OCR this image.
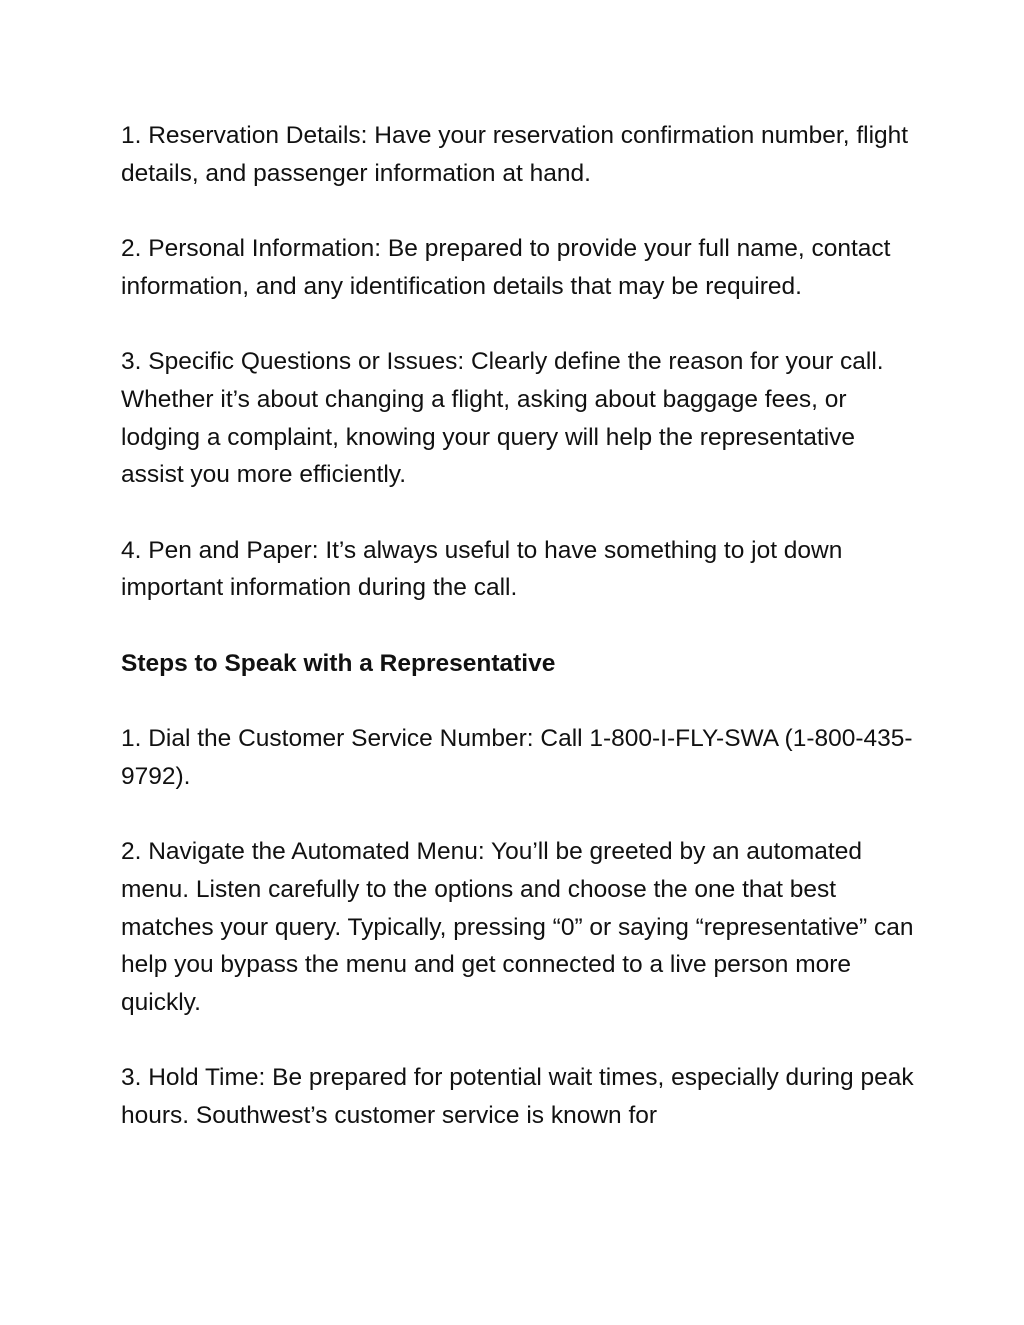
1. Reservation Details: Have your reservation confirmation number, flight details, and passenger information at hand.

2. Personal Information: Be prepared to provide your full name, contact information, and any identification details that may be required.

3. Specific Questions or Issues: Clearly define the reason for your call. Whether it’s about changing a flight, asking about baggage fees, or lodging a complaint, knowing your query will help the representative assist you more efficiently.

4. Pen and Paper: It’s always useful to have something to jot down important information during the call.

Steps to Speak with a Representative

1. Dial the Customer Service Number: Call 1-800-I-FLY-SWA (1-800-435-9792).

2. Navigate the Automated Menu: You’ll be greeted by an automated menu. Listen carefully to the options and choose the one that best matches your query. Typically, pressing “0” or saying “representative” can help you bypass the menu and get connected to a live person more quickly.

3. Hold Time: Be prepared for potential wait times, especially during peak hours. Southwest’s customer service is known for
